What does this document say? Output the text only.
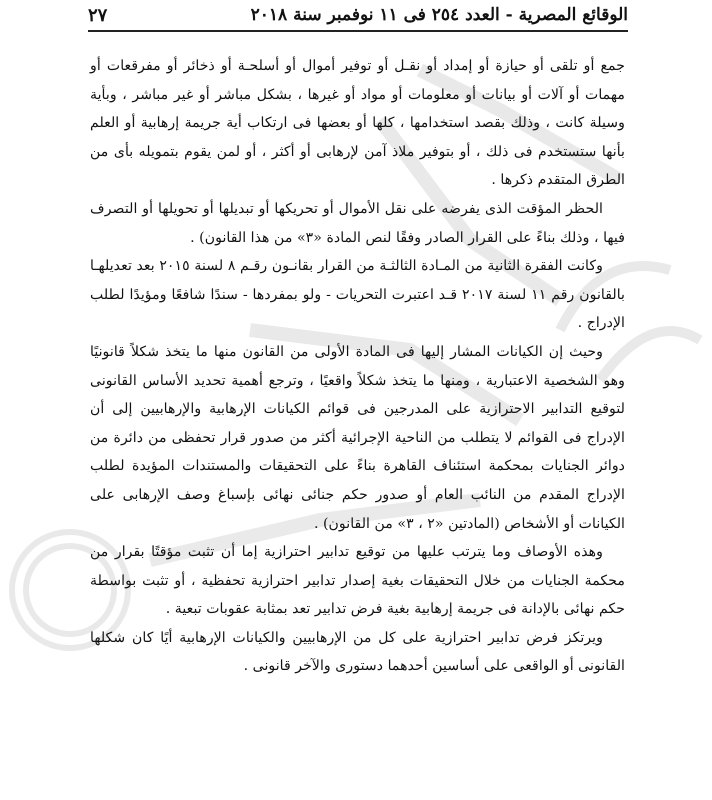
٢٧	الوقائع المصرية - العدد ٢٥٤ فى ١١ نوفمبر سنة ٢٠١٨

جمع أو تلقى أو حيازة أو إمداد أو نقـل أو توفير أموال أو أسلحـة أو ذخائر أو مفرقعات أو مهمات أو آلات أو بيانات أو معلومات أو مواد أو غيرها ، بشكل مباشر أو غير مباشر ، وبأية وسيلة كانت ، وذلك بقصد استخدامها ، كلها أو بعضها فى ارتكاب أية جريمة إرهابية أو العلم بأنها ستستخدم فى ذلك ، أو بتوفير ملاذ آمن لإرهابى أو أكثر ، أو لمن يقوم بتمويله بأى من الطرق المتقدم ذكرها .

الحظر المؤقت الذى يفرضه على نقل الأموال أو تحريكها أو تبديلها أو تحويلها أو التصرف فيها ، وذلك بناءً على القرار الصادر وفقًا لنص المادة «٣» من هذا القانون) .

وكانت الفقرة الثانية من المـادة الثالثـة من القرار بقانـون رقـم ٨ لسنة ٢٠١٥ بعد تعديلهـا بالقانون رقم ١١ لسنة ٢٠١٧ قـد اعتبرت التحريات - ولو بمفردها - سندًا شافعًا ومؤيدًا لطلب الإدراج .

وحيث إن الكيانات المشار إليها فى المادة الأولى من القانون منها ما يتخذ شكلاً قانونيًا وهو الشخصية الاعتبارية ، ومنها ما يتخذ شكلاً واقعيًا ، وترجع أهمية تحديد الأساس القانونى لتوقيع التدابير الاحترازية على المدرجين فى قوائم الكيانات الإرهابية والإرهابيين إلى أن الإدراج فى القوائم لا يتطلب من الناحية الإجرائية أكثر من صدور قرار تحفظى من دائرة من دوائر الجنايات بمحكمة استئناف القاهرة بناءً على التحقيقات والمستندات المؤيدة لطلب الإدراج المقدم من النائب العام أو صدور حكم جنائى نهائى بإسباغ وصف الإرهابى على الكيانات أو الأشخاص (المادتين «٢ ، ٣» من القانون) .

وهذه الأوصاف وما يترتب عليها من توقيع تدابير احترازية إما أن تثبت مؤقتًا بقرار من محكمة الجنايات من خلال التحقيقات بغية إصدار تدابير احترازية تحفظية ، أو تثبت بواسطة حكم نهائى بالإدانة فى جريمة إرهابية بغية فرض تدابير تعد بمثابة عقوبات تبعية .

ويرتكز فرض تدابير احترازية على كل من الإرهابيين والكيانات الإرهابية أيًا كان شكلها القانونى أو الواقعى على أساسين أحدهما دستورى والآخر قانونى .
